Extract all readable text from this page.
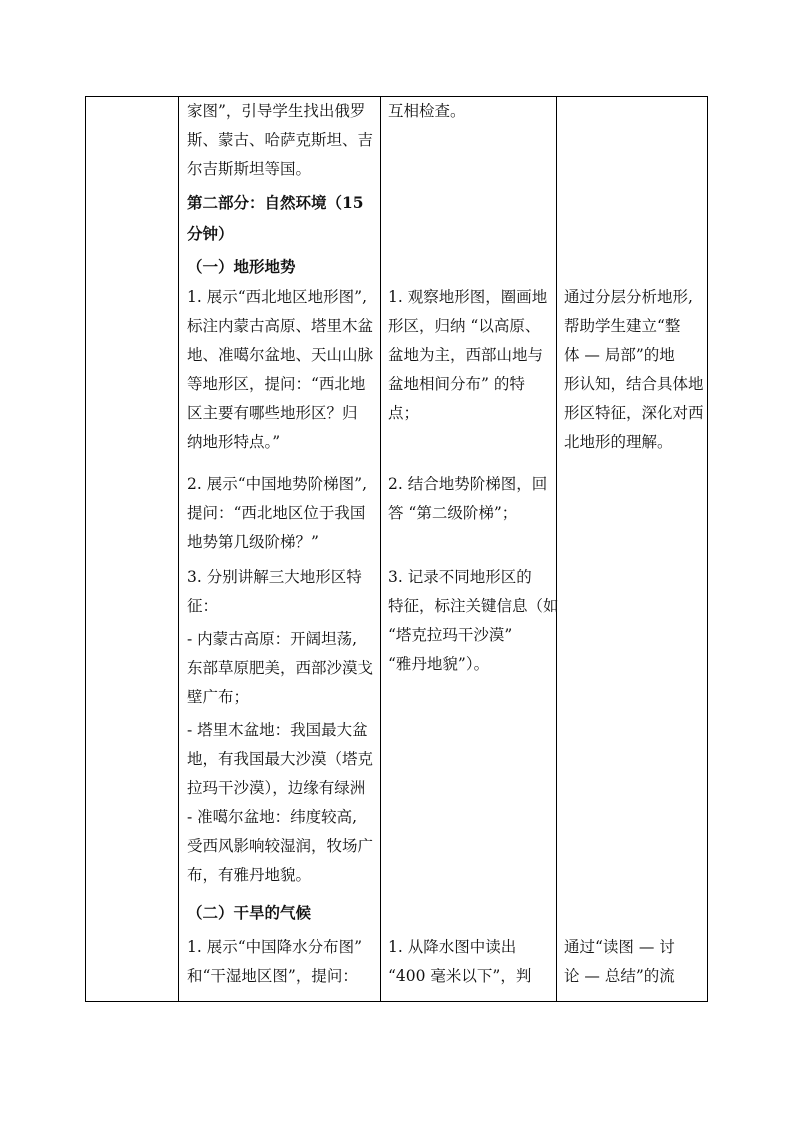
家图”，引导学生找出俄罗
斯、蒙古、哈萨克斯坦、吉
尔吉斯斯坦等国。
第二部分：自然环境（15
分钟）
（一）地形地势
1. 展示“西北地区地形图”,
标注内蒙古高原、塔里木盆
地、准噶尔盆地、天山山脉
等地形区，提问：“西北地
区主要有哪些地形区？归
纳地形特点。”
2. 展示“中国地势阶梯图”,
提问：“西北地区位于我国
地势第几级阶梯？”
3. 分别讲解三大地形区特
征：
- 内蒙古高原：开阔坦荡,
东部草原肥美，西部沙漠戈
壁广布；
- 塔里木盆地：我国最大盆
地，有我国最大沙漠（塔克
拉玛干沙漠），边缘有绿洲
- 准噶尔盆地：纬度较高,
受西风影响较湿润，牧场广
布，有雅丹地貌。
（二）干旱的气候
1. 展示“中国降水分布图”
和“干湿地区图”，提问：
互相检查。
1. 观察地形图，圈画地
形区，归纳 “以高原、
盆地为主，西部山地与
盆地相间分布” 的特
点；
2. 结合地势阶梯图，回
答 “第二级阶梯”；
3. 记录不同地形区的
特征，标注关键信息（如
“塔克拉玛干沙漠”
“雅丹地貌”）。
1. 从降水图中读出
“400 毫米以下”，判
通过分层分析地形,
帮助学生建立“整
体 — 局部”的地
形认知，结合具体地
形区特征，深化对西
北地形的理解。
通过“读图 — 讨
论 — 总结”的流
